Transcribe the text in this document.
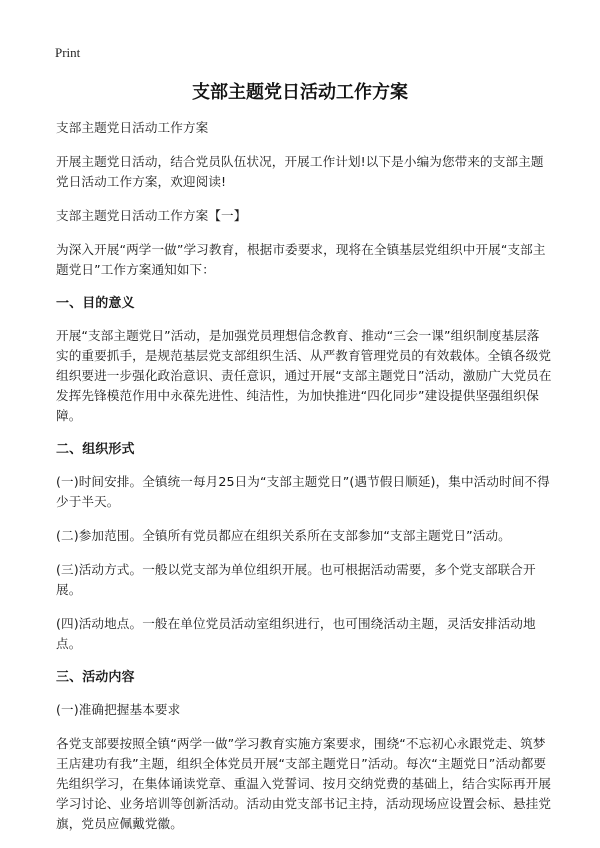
Print
支部主题党日活动工作方案

支部主题党日活动工作方案

开展主题党日活动，结合党员队伍状况，开展工作计划!以下是小编为您带来的支部主题党日活动工作方案，欢迎阅读!

支部主题党日活动工作方案【一】

为深入开展“两学一做”学习教育，根据市委要求，现将在全镇基层党组织中开展“支部主题党日”工作方案通知如下：

一、目的意义

开展“支部主题党日”活动，是加强党员理想信念教育、推动“三会一课”组织制度基层落实的重要抓手，是规范基层党支部组织生活、从严教育管理党员的有效载体。全镇各级党组织要进一步强化政治意识、责任意识，通过开展“支部主题党日”活动，激励广大党员在发挥先锋模范作用中永葆先进性、纯洁性，为加快推进“四化同步”建设提供坚强组织保障。

二、组织形式

(一)时间安排。全镇统一每月25日为“支部主题党日”(遇节假日顺延)，集中活动时间不得少于半天。

(二)参加范围。全镇所有党员都应在组织关系所在支部参加“支部主题党日”活动。

(三)活动方式。一般以党支部为单位组织开展。也可根据活动需要，多个党支部联合开展。

(四)活动地点。一般在单位党员活动室组织进行，也可围绕活动主题，灵活安排活动地点。

三、活动内容

(一)准确把握基本要求

各党支部要按照全镇“两学一做”学习教育实施方案要求，围绕“不忘初心永跟党走、筑梦王店建功有我”主题，组织全体党员开展“支部主题党日”活动。每次“主题党日”活动都要先组织学习，在集体诵读党章、重温入党誓词、按月交纳党费的基础上，结合实际再开展学习讨论、业务培训等创新活动。活动由党支部书记主持，活动现场应设置会标、悬挂党旗，党员应佩戴党徽。
